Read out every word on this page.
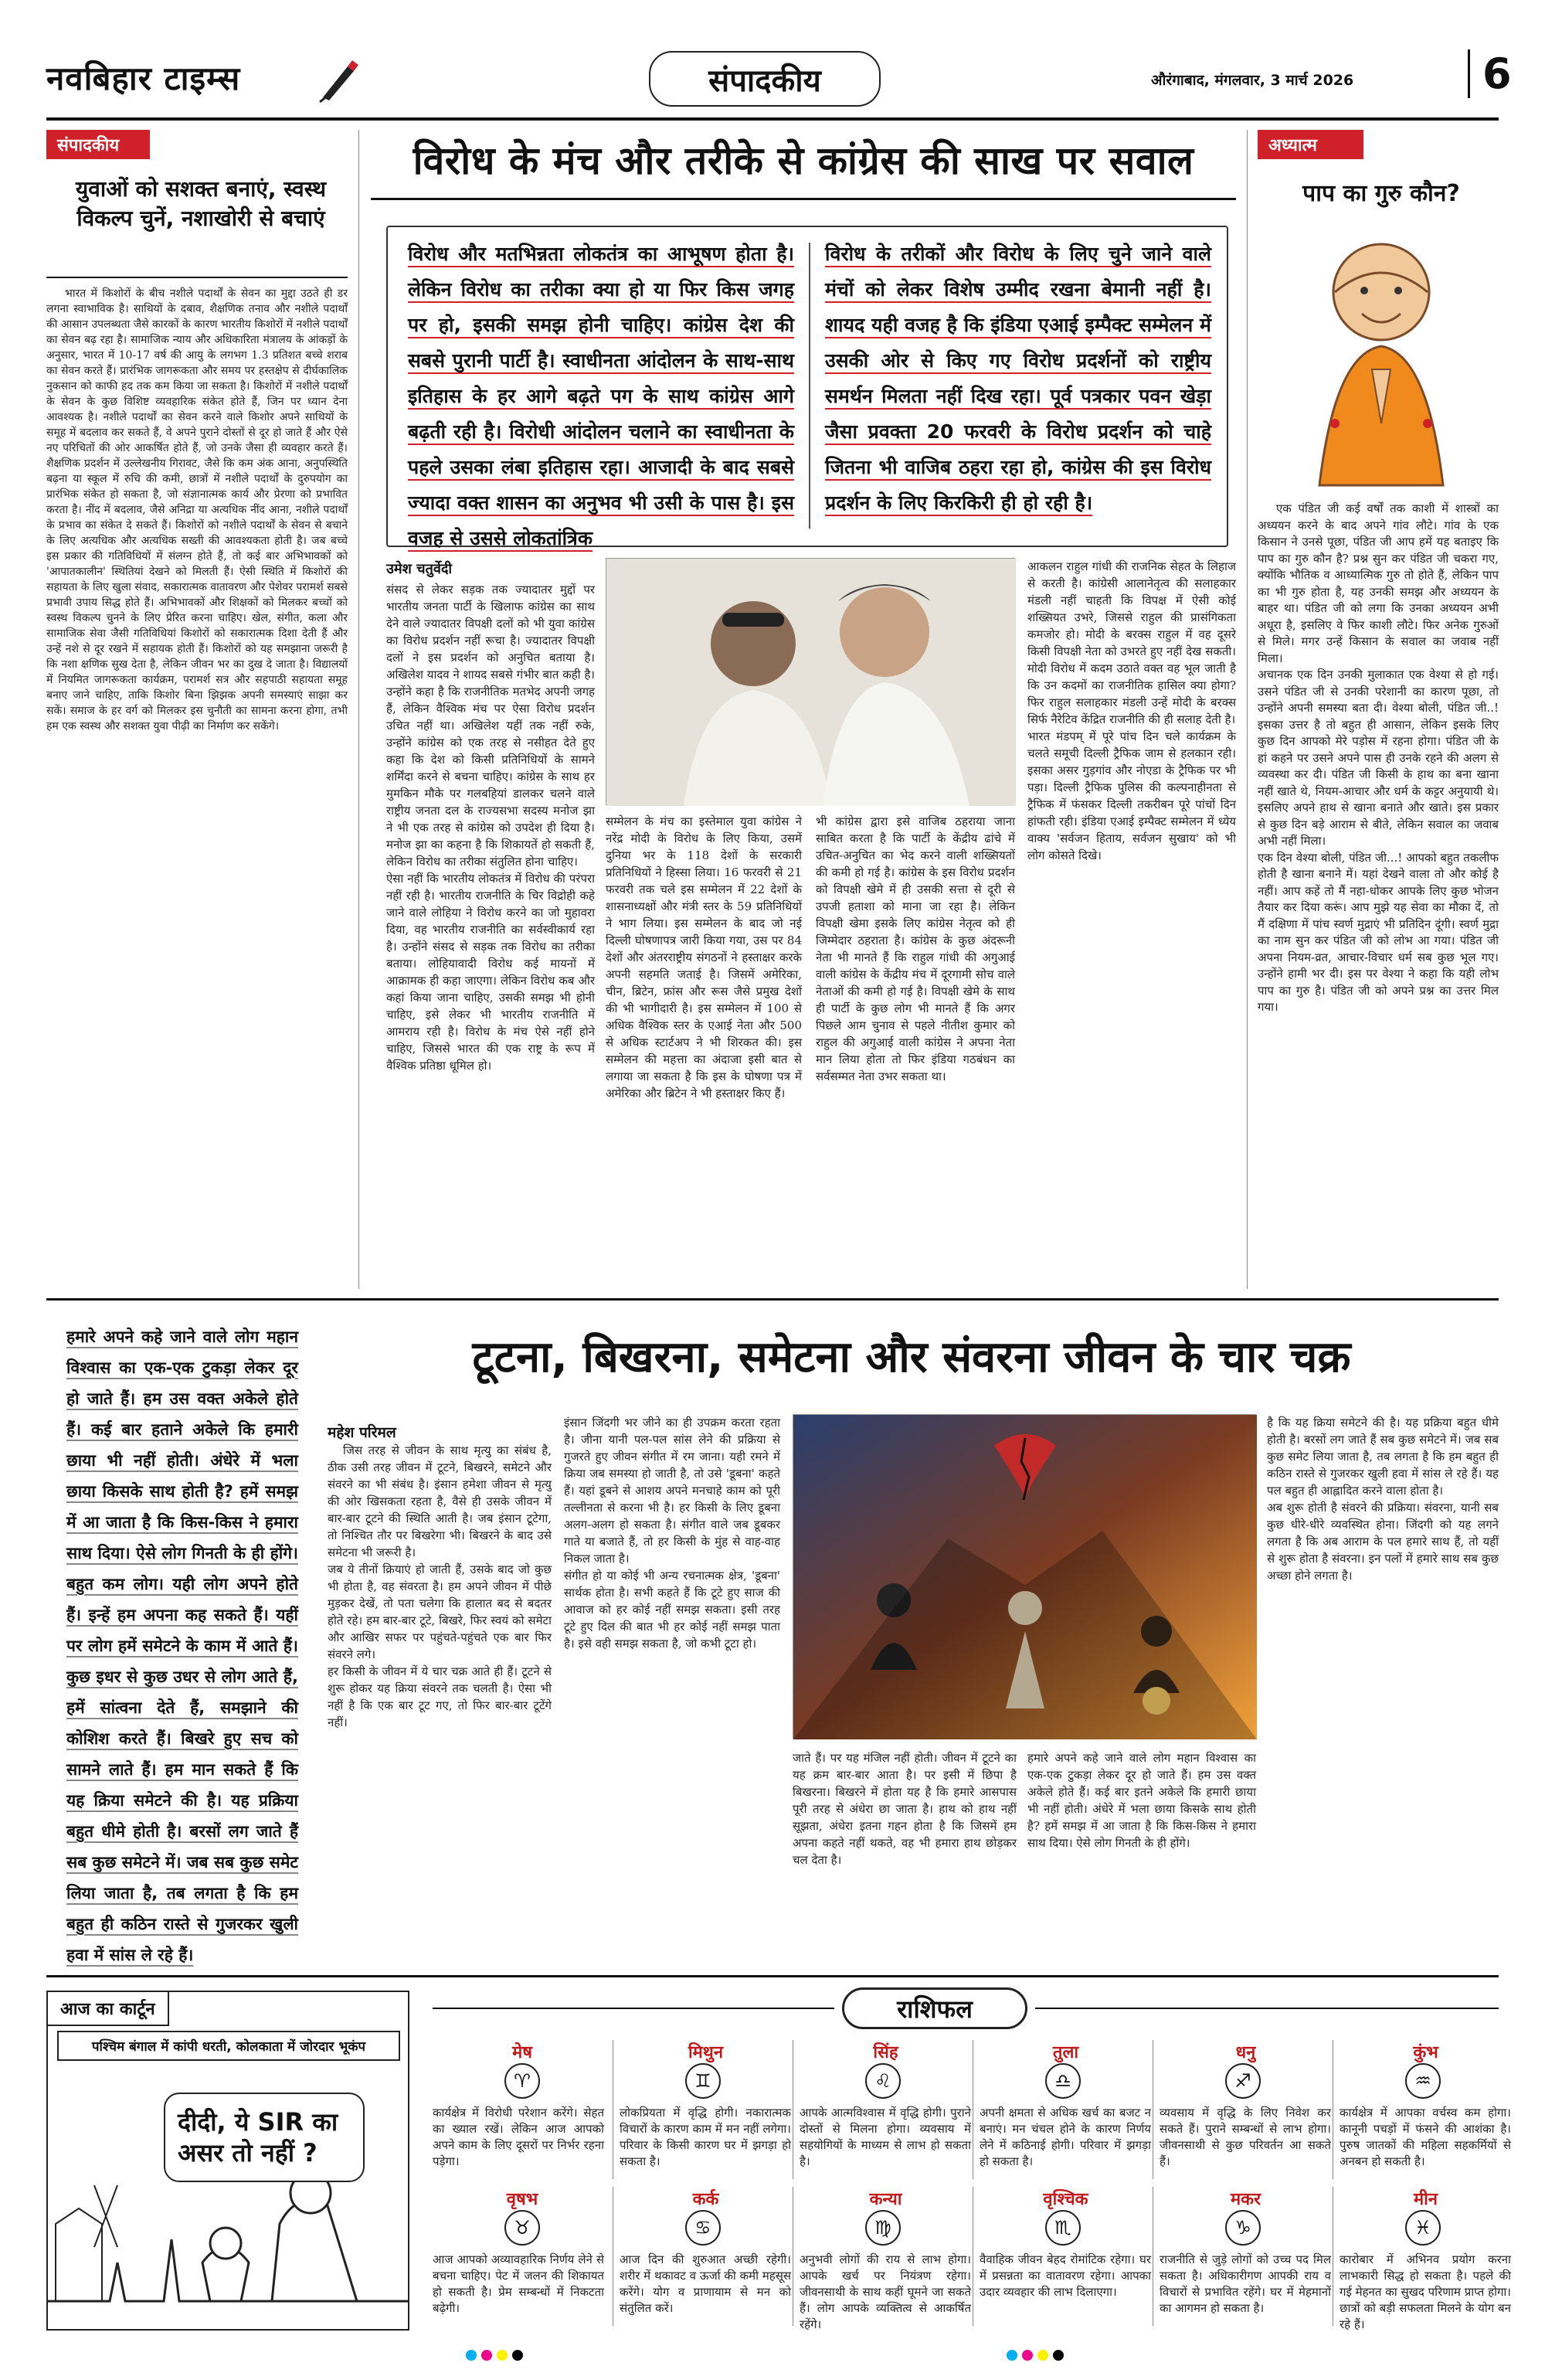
नवबिहार टाइम्स	संपादकीय	औरंगाबाद, मंगलवार, 3 मार्च 2026	6
संपादकीय
युवाओं को सशक्त बनाएं, स्वस्थ विकल्प चुनें, नशाखोरी से बचाएं
भारत में किशोरों के बीच नशीले पदार्थों के सेवन का मुद्दा उठते ही डर लगना स्वाभाविक है। साथियों के दबाव, शैक्षणिक तनाव और नशीले पदार्थों की आसान उपलब्धता जैसे कारकों के कारण भारतीय किशोरों में नशीले पदार्थों का सेवन बढ़ रहा है। सामाजिक न्याय और अधिकारिता मंत्रालय के आंकड़ों के अनुसार, भारत में 10-17 वर्ष की आयु के लगभग 1.3 प्रतिशत बच्चे शराब का सेवन करते हैं। प्रारंभिक जागरूकता और समय पर हस्तक्षेप से दीर्घकालिक नुकसान को काफी हद तक कम किया जा सकता है। किशोरों में नशीले पदार्थों के सेवन के कुछ विशिष्ट व्यवहारिक संकेत होते हैं, जिन पर ध्यान देना आवश्यक है। नशीले पदार्थों का सेवन करने वाले किशोर अपने साथियों के समूह में बदलाव कर सकते हैं, वे अपने पुराने दोस्तों से दूर हो जाते हैं और ऐसे नए परिचितों की ओर आकर्षित होते हैं, जो उनके जैसा ही व्यवहार करते हैं। शैक्षणिक प्रदर्शन में उल्लेखनीय गिरावट, जैसे कि कम अंक आना, अनुपस्थिति बढ़ना या स्कूल में रुचि की कमी, छात्रों में नशीले पदार्थों के दुरुपयोग का प्रारंभिक संकेत हो सकता है, जो संज्ञानात्मक कार्य और प्रेरणा को प्रभावित करता है। नींद में बदलाव, जैसे अनिद्रा या अत्यधिक नींद आना, नशीले पदार्थों के प्रभाव का संकेत दे सकते हैं। किशोरों को नशीले पदार्थों के सेवन से बचाने के लिए अत्यधिक और अत्यधिक सख्ती की आवश्यकता होती है। जब बच्चे इस प्रकार की गतिविधियों में संलग्न होते हैं, तो कई बार अभिभावकों को 'आपातकालीन' स्थितियां देखने को मिलती हैं। ऐसी स्थिति में किशोरों की सहायता के लिए खुला संवाद, सकारात्मक वातावरण और पेशेवर परामर्श सबसे प्रभावी उपाय सिद्ध होते हैं। अभिभावकों और शिक्षकों को मिलकर बच्चों को स्वस्थ विकल्प चुनने के लिए प्रेरित करना चाहिए। खेल, संगीत, कला और सामाजिक सेवा जैसी गतिविधियां किशोरों को सकारात्मक दिशा देती हैं और उन्हें नशे से दूर रखने में सहायक होती हैं। किशोरों को यह समझाना जरूरी है कि नशा क्षणिक सुख देता है, लेकिन जीवन भर का दुख दे जाता है। विद्यालयों में नियमित जागरूकता कार्यक्रम, परामर्श सत्र और सहपाठी सहायता समूह बनाए जाने चाहिए, ताकि किशोर बिना झिझक अपनी समस्याएं साझा कर सकें। समाज के हर वर्ग को मिलकर इस चुनौती का सामना करना होगा, तभी हम एक स्वस्थ और सशक्त युवा पीढ़ी का निर्माण कर सकेंगे।
विरोध के मंच और तरीके से कांग्रेस की साख पर सवाल
विरोध और मतभिन्नता लोकतंत्र का आभूषण होता है। लेकिन विरोध का तरीका क्या हो या फिर किस जगह पर हो, इसकी समझ होनी चाहिए। कांग्रेस देश की सबसे पुरानी पार्टी है। स्वाधीनता आंदोलन के साथ-साथ इतिहास के हर आगे बढ़ते पग के साथ कांग्रेस आगे बढ़ती रही है। विरोधी आंदोलन चलाने का स्वाधीनता के पहले उसका लंबा इतिहास रहा। आजादी के बाद सबसे ज्यादा वक्त शासन का अनुभव भी उसी के पास है। इस वजह से उससे लोकतांत्रिक
विरोध के तरीकों और विरोध के लिए चुने जाने वाले मंचों को लेकर विशेष उम्मीद रखना बेमानी नहीं है। शायद यही वजह है कि इंडिया एआई इम्पैक्ट सम्मेलन में उसकी ओर से किए गए विरोध प्रदर्शनों को राष्ट्रीय समर्थन मिलता नहीं दिख रहा। पूर्व पत्रकार पवन खेड़ा जैसा प्रवक्ता 20 फरवरी के विरोध प्रदर्शन को चाहे जितना भी वाजिब ठहरा रहा हो, कांग्रेस की इस विरोध प्रदर्शन के लिए किरकिरी ही हो रही है।
उमेश चतुर्वेदी
संसद से लेकर सड़क तक ज्यादातर मुद्दों पर भारतीय जनता पार्टी के खिलाफ कांग्रेस का साथ देने वाले ज्यादातर विपक्षी दलों को भी युवा कांग्रेस का विरोध प्रदर्शन नहीं रूचा है। ज्यादातर विपक्षी दलों ने इस प्रदर्शन को अनुचित बताया है। अखिलेश यादव ने शायद सबसे गंभीर बात कही है। उन्होंने कहा है कि राजनीतिक मतभेद अपनी जगह हैं, लेकिन वैश्विक मंच पर ऐसा विरोध प्रदर्शन उचित नहीं था। अखिलेश यहीं तक नहीं रुके, उन्होंने कांग्रेस को एक तरह से नसीहत देते हुए कहा कि देश को किसी प्रतिनिधियों के सामने शर्मिंदा करने से बचना चाहिए। कांग्रेस के साथ हर मुमकिन मौके पर गलबहियां डालकर चलने वाले राष्ट्रीय जनता दल के राज्यसभा सदस्य मनोज झा ने भी एक तरह से कांग्रेस को उपदेश ही दिया है। मनोज झा का कहना है कि शिकायतें हो सकती हैं, लेकिन विरोध का तरीका संतुलित होना चाहिए।
ऐसा नहीं कि भारतीय लोकतंत्र में विरोध की परंपरा नहीं रही है। भारतीय राजनीति के चिर विद्रोही कहे जाने वाले लोहिया ने विरोध करने का जो मुहावरा दिया, वह भारतीय राजनीति का सर्वस्वीकार्य रहा है। उन्होंने संसद से सड़क तक विरोध का तरीका बताया। लोहियावादी विरोध कई मायनों में आक्रामक ही कहा जाएगा। लेकिन विरोध कब और कहां किया जाना चाहिए, उसकी समझ भी होनी चाहिए, इसे लेकर भी भारतीय राजनीति में आमराय रही है। विरोध के मंच ऐसे नहीं होने चाहिए, जिससे भारत की एक राष्ट्र के रूप में वैश्विक प्रतिष्ठा धूमिल हो।
सम्मेलन के मंच का इस्तेमाल युवा कांग्रेस ने नरेंद्र मोदी के विरोध के लिए किया, उसमें दुनिया भर के 118 देशों के सरकारी प्रतिनिधियों ने हिस्सा लिया। 16 फरवरी से 21 फरवरी तक चले इस सम्मेलन में 22 देशों के शासनाध्यक्षों और मंत्री स्तर के 59 प्रतिनिधियों ने भाग लिया। इस सम्मेलन के बाद जो नई दिल्ली घोषणापत्र जारी किया गया, उस पर 84 देशों और अंतरराष्ट्रीय संगठनों ने हस्ताक्षर करके अपनी सहमति जताई है। जिसमें अमेरिका, चीन, ब्रिटेन, फ्रांस और रूस जैसे प्रमुख देशों की भी भागीदारी है। इस सम्मेलन में 100 से अधिक वैश्विक स्तर के एआई नेता और 500 से अधिक स्टार्टअप ने भी शिरकत की। इस सम्मेलन की महत्ता का अंदाजा इसी बात से लगाया जा सकता है कि इस के घोषणा पत्र में अमेरिका और ब्रिटेन ने भी हस्ताक्षर किए हैं।
भी कांग्रेस द्वारा इसे वाजिब ठहराया जाना साबित करता है कि पार्टी के केंद्रीय ढांचे में उचित-अनुचित का भेद करने वाली शख्सियतों की कमी हो गई है। कांग्रेस के इस विरोध प्रदर्शन को विपक्षी खेमे में ही उसकी सत्ता से दूरी से उपजी हताशा को माना जा रहा है। लेकिन विपक्षी खेमा इसके लिए कांग्रेस नेतृत्व को ही जिम्मेदार ठहराता है। कांग्रेस के कुछ अंदरूनी नेता भी मानते हैं कि राहुल गांधी की अगुआई वाली कांग्रेस के केंद्रीय मंच में दूरगामी सोच वाले नेताओं की कमी हो गई है। विपक्षी खेमे के साथ ही पार्टी के कुछ लोग भी मानते हैं कि अगर पिछले आम चुनाव से पहले नीतीश कुमार को राहुल की अगुआई वाली कांग्रेस ने अपना नेता मान लिया होता तो फिर इंडिया गठबंधन का सर्वसम्मत नेता उभर सकता था।
आकलन राहुल गांधी की राजनिक सेहत के लिहाज से करती है। कांग्रेसी आलानेतृत्व की सलाहकार मंडली नहीं चाहती कि विपक्ष में ऐसी कोई शख्सियत उभरे, जिससे राहुल की प्रासंगिकता कमजोर हो। मोदी के बरक्स राहुल में वह दूसरे किसी विपक्षी नेता को उभरते हुए नहीं देख सकती। मोदी विरोध में कदम उठाते वक्त वह भूल जाती है कि उन कदमों का राजनीतिक हासिल क्या होगा? फिर राहुल सलाहकार मंडली उन्हें मोदी के बरक्स सिर्फ नैरेटिव केंद्रित राजनीति की ही सलाह देती है।
भारत मंडपम् में पूरे पांच दिन चले कार्यक्रम के चलते समूची दिल्ली ट्रैफिक जाम से हलकान रही। इसका असर गुड़गांव और नोएडा के ट्रैफिक पर भी पड़ा। दिल्ली ट्रैफिक पुलिस की कल्पनाहीनता से ट्रैफिक में फंसकर दिल्ली तकरीबन पूरे पांचों दिन हांफती रही। इंडिया एआई इम्पैक्ट सम्मेलन में ध्येय वाक्य 'सर्वजन हिताय, सर्वजन सुखाय' को भी लोग कोसते दिखे।
अध्यात्म
पाप का गुरु कौन?
एक पंडित जी कई वर्षों तक काशी में शास्त्रों का अध्ययन करने के बाद अपने गांव लौटे। गांव के एक किसान ने उनसे पूछा, पंडित जी आप हमें यह बताइए कि पाप का गुरु कौन है? प्रश्न सुन कर पंडित जी चकरा गए, क्योंकि भौतिक व आध्यात्मिक गुरु तो होते हैं, लेकिन पाप का भी गुरु होता है, यह उनकी समझ और अध्ययन के बाहर था। पंडित जी को लगा कि उनका अध्ययन अभी अधूरा है, इसलिए वे फिर काशी लौटे। फिर अनेक गुरुओं से मिले। मगर उन्हें किसान के सवाल का जवाब नहीं मिला।
अचानक एक दिन उनकी मुलाकात एक वेश्या से हो गई। उसने पंडित जी से उनकी परेशानी का कारण पूछा, तो उन्होंने अपनी समस्या बता दी। वेश्या बोली, पंडित जी..! इसका उत्तर है तो बहुत ही आसान, लेकिन इसके लिए कुछ दिन आपको मेरे पड़ोस में रहना होगा। पंडित जी के हां कहने पर उसने अपने पास ही उनके रहने की अलग से व्यवस्था कर दी। पंडित जी किसी के हाथ का बना खाना नहीं खाते थे, नियम-आचार और धर्म के कट्टर अनुयायी थे। इसलिए अपने हाथ से खाना बनाते और खाते। इस प्रकार से कुछ दिन बड़े आराम से बीते, लेकिन सवाल का जवाब अभी नहीं मिला।
एक दिन वेश्या बोली, पंडित जी...! आपको बहुत तकलीफ होती है खाना बनाने में। यहां देखने वाला तो और कोई है नहीं। आप कहें तो मैं नहा-धोकर आपके लिए कुछ भोजन तैयार कर दिया करूं। आप मुझे यह सेवा का मौका दें, तो मैं दक्षिणा में पांच स्वर्ण मुद्राएं भी प्रतिदिन दूंगी। स्वर्ण मुद्रा का नाम सुन कर पंडित जी को लोभ आ गया। पंडित जी अपना नियम-व्रत, आचार-विचार धर्म सब कुछ भूल गए। उन्होंने हामी भर दी। इस पर वेश्या ने कहा कि यही लोभ पाप का गुरु है। पंडित जी को अपने प्रश्न का उत्तर मिल गया।
हमारे अपने कहे जाने वाले लोग महान विश्वास का एक-एक टुकड़ा लेकर दूर हो जाते हैं। हम उस वक्त अकेले होते हैं। कई बार हताने अकेले कि हमारी छाया भी नहीं होती। अंधेरे में भला छाया किसके साथ होती है? हमें समझ में आ जाता है कि किस-किस ने हमारा साथ दिया। ऐसे लोग गिनती के ही होंगे। बहुत कम लोग। यही लोग अपने होते हैं। इन्हें हम अपना कह सकते हैं। यहीं पर लोग हमें समेटने के काम में आते हैं। कुछ इधर से कुछ उधर से लोग आते हैं, हमें सांत्वना देते हैं, समझाने की कोशिश करते हैं। बिखरे हुए सच को सामने लाते हैं। हम मान सकते हैं कि यह क्रिया समेटने की है। यह प्रक्रिया बहुत धीमे होती है। बरसों लग जाते हैं सब कुछ समेटने में। जब सब कुछ समेट लिया जाता है, तब लगता है कि हम बहुत ही कठिन रास्ते से गुजरकर खुली हवा में सांस ले रहे हैं।
टूटना, बिखरना, समेटना और संवरना जीवन के चार चक्र
महेश परिमल
जिस तरह से जीवन के साथ मृत्यु का संबंध है, ठीक उसी तरह जीवन में टूटने, बिखरने, समेटने और संवरने का भी संबंध है। इंसान हमेशा जीवन से मृत्यु की ओर खिसकता रहता है, वैसे ही उसके जीवन में बार-बार टूटने की स्थिति आती है। जब इंसान टूटेगा, तो निश्चित तौर पर बिखरेगा भी। बिखरने के बाद उसे समेटना भी जरूरी है।
जब ये तीनों क्रियाएं हो जाती हैं, उसके बाद जो कुछ भी होता है, वह संवरता है। हम अपने जीवन में पीछे मुड़कर देखें, तो पता चलेगा कि हालात बद से बदतर होते रहे। हम बार-बार टूटे, बिखरे, फिर स्वयं को समेटा और आखिर सफर पर पहुंचते-पहुंचते एक बार फिर संवरने लगे।
हर किसी के जीवन में ये चार चक्र आते ही हैं। टूटने से शुरू होकर यह क्रिया संवरने तक चलती है। ऐसा भी नहीं है कि एक बार टूट गए, तो फिर बार-बार टूटेंगे नहीं।
इंसान जिंदगी भर जीने का ही उपक्रम करता रहता है। जीना यानी पल-पल सांस लेने की प्रक्रिया से गुजरते हुए जीवन संगीत में रम जाना। यही रमने में क्रिया जब समस्या हो जाती है, तो उसे 'डूबना' कहते हैं। यहां डूबने से आशय अपने मनचाहे काम को पूरी तल्लीनता से करना भी है। हर किसी के लिए डूबना अलग-अलग हो सकता है। संगीत वाले जब डूबकर गाते या बजाते हैं, तो हर किसी के मुंह से वाह-वाह निकल जाता है।
संगीत हो या कोई भी अन्य रचनात्मक क्षेत्र, 'डूबना' सार्थक होता है। सभी कहते हैं कि टूटे हुए साज की आवाज को हर कोई नहीं समझ सकता। इसी तरह टूटे हुए दिल की बात भी हर कोई नहीं समझ पाता है। इसे वही समझ सकता है, जो कभी टूटा हो।
जाते हैं। पर यह मंजिल नहीं होती। जीवन में टूटने का यह क्रम बार-बार आता है। पर इसी में छिपा है बिखरना। बिखरने में होता यह है कि हमारे आसपास पूरी तरह से अंधेरा छा जाता है। हाथ को हाथ नहीं सूझता, अंधेरा इतना गहन होता है कि जिसमें हम अपना कहते नहीं थकते, वह भी हमारा हाथ छोड़कर चल देता है।
हमारे अपने कहे जाने वाले लोग महान विश्वास का एक-एक टुकड़ा लेकर दूर हो जाते हैं। हम उस वक्त अकेले होते हैं। कई बार इतने अकेले कि हमारी छाया भी नहीं होती। अंधेरे में भला छाया किसके साथ होती है? हमें समझ में आ जाता है कि किस-किस ने हमारा साथ दिया। ऐसे लोग गिनती के ही होंगे।
है कि यह क्रिया समेटने की है। यह प्रक्रिया बहुत धीमे होती है। बरसों लग जाते हैं सब कुछ समेटने में। जब सब कुछ समेट लिया जाता है, तब लगता है कि हम बहुत ही कठिन रास्ते से गुजरकर खुली हवा में सांस ले रहे हैं। यह पल बहुत ही आह्लादित करने वाला होता है।
अब शुरू होती है संवरने की प्रक्रिया। संवरना, यानी सब कुछ धीरे-धीरे व्यवस्थित होना। जिंदगी को यह लगने लगता है कि अब आराम के पल हमारे साथ हैं, तो यहीं से शुरू होता है संवरना। इन पलों में हमारे साथ सब कुछ अच्छा होने लगता है।
आज का कार्टून
पश्चिम बंगाल में कांपी धरती, कोलकाता में जोरदार भूकंप
दीदी, ये SIR का असर तो नहीं ?
राशिफल
मेष
♈
कार्यक्षेत्र में विरोधी परेशान करेंगे। सेहत का ख्याल रखें। लेकिन आज आपको अपने काम के लिए दूसरों पर निर्भर रहना पड़ेगा।
मिथुन
♊
लोकप्रियता में वृद्धि होगी। नकारात्मक विचारों के कारण काम में मन नहीं लगेगा। परिवार के किसी कारण घर में झगड़ा हो सकता है।
सिंह
♌
आपके आत्मविश्वास में वृद्धि होगी। पुराने दोस्तों से मिलना होगा। व्यवसाय में सहयोगियों के माध्यम से लाभ हो सकता है।
तुला
♎
अपनी क्षमता से अधिक खर्च का बजट न बनाएं। मन चंचल होने के कारण निर्णय लेने में कठिनाई होगी। परिवार में झगड़ा हो सकता है।
धनु
♐
व्यवसाय में वृद्धि के लिए निवेश कर सकते हैं। पुराने सम्बन्धों से लाभ होगा। जीवनसाथी से कुछ परिवर्तन आ सकते हैं।
कुंभ
♒
कार्यक्षेत्र में आपका वर्चस्व कम होगा। कानूनी पचड़ों में फंसने की आशंका है। पुरुष जातकों की महिला सहकर्मियों से अनबन हो सकती है।
वृषभ
♉
आज आपको अव्यावहारिक निर्णय लेने से बचना चाहिए। पेट में जलन की शिकायत हो सकती है। प्रेम सम्बन्धों में निकटता बढ़ेगी।
कर्क
♋
आज दिन की शुरुआत अच्छी रहेगी। शरीर में थकावट व ऊर्जा की कमी महसूस करेंगे। योग व प्राणायाम से मन को संतुलित करें।
कन्या
♍
अनुभवी लोगों की राय से लाभ होगा। आपके खर्च पर नियंत्रण रहेगा। जीवनसाथी के साथ कहीं घूमने जा सकते हैं। लोग आपके व्यक्तित्व से आकर्षित रहेंगे।
वृश्चिक
♏
वैवाहिक जीवन बेहद रोमांटिक रहेगा। घर में प्रसन्नता का वातावरण रहेगा। आपका उदार व्यवहार की लाभ दिलाएगा।
मकर
♑
राजनीति से जुड़े लोगों को उच्च पद मिल सकता है। अधिकारीगण आपकी राय व विचारों से प्रभावित रहेंगे। घर में मेहमानों का आगमन हो सकता है।
मीन
♓
कारोबार में अभिनव प्रयोग करना लाभकारी सिद्ध हो सकता है। पहले की गई मेहनत का सुखद परिणाम प्राप्त होगा। छात्रों को बड़ी सफलता मिलने के योग बन रहे हैं।
